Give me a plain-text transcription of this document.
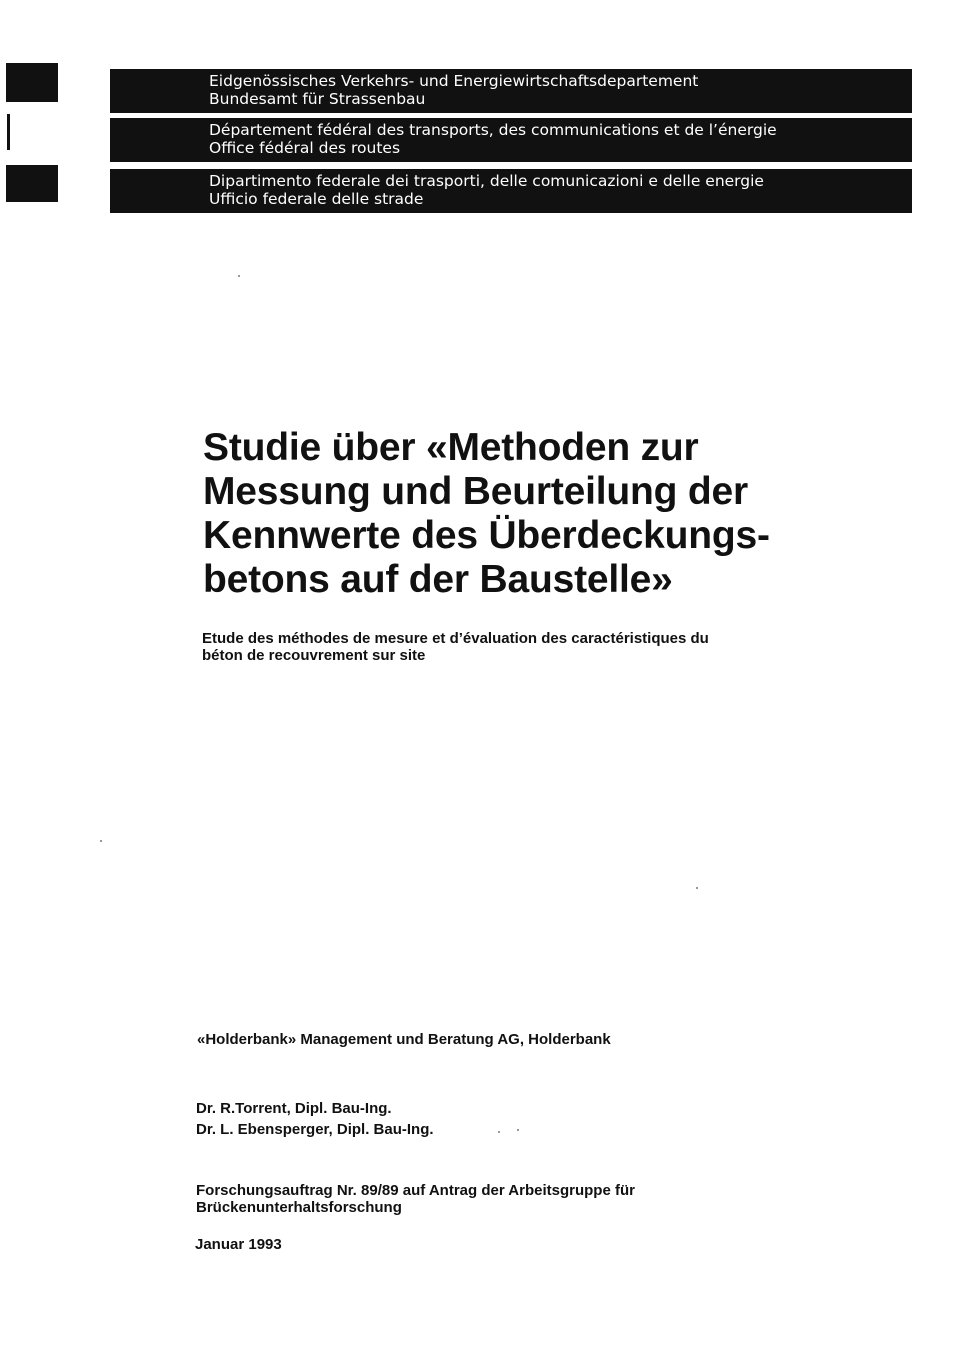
Eidgenössisches Verkehrs- und Energiewirtschaftsdepartement
Bundesamt für Strassenbau
Département fédéral des transports, des communications et de l’énergie
Office fédéral des routes
Dipartimento federale dei trasporti, delle comunicazioni e delle energie
Ufficio federale delle strade
Studie über «Methoden zur
Messung und Beurteilung der
Kennwerte des Überdeckungs-
betons auf der Baustelle»
Etude des méthodes de mesure et d’évaluation des caractéristiques du
béton de recouvrement sur site
«Holderbank» Management und Beratung AG, Holderbank
Dr. R.Torrent, Dipl. Bau-Ing.
Dr. L. Ebensperger, Dipl. Bau-Ing.
Forschungsauftrag Nr. 89/89 auf Antrag der Arbeitsgruppe für
Brückenunterhaltsforschung
Januar 1993
